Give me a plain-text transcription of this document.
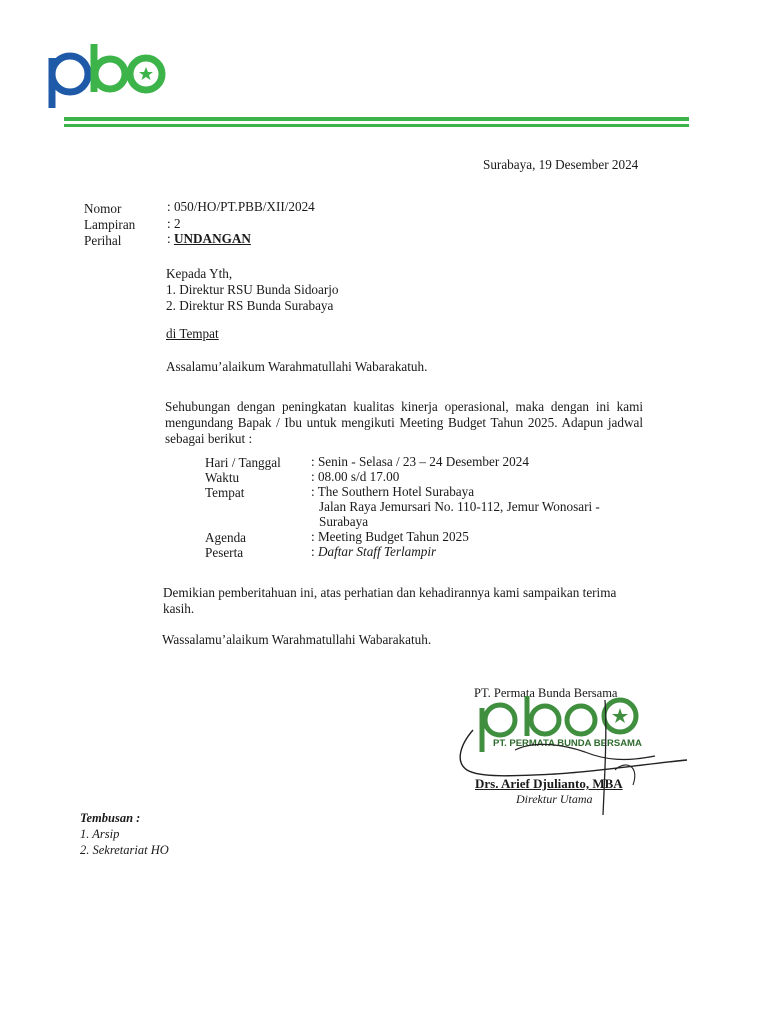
Surabaya, 19 Desember 2024
Nomor	: 050/HO/PT.PBB/XII/2024
Lampiran : 2
Perihal	: UNDANGAN
Kepada Yth,
1. Direktur RSU Bunda Sidoarjo
2. Direktur RS Bunda Surabaya
di Tempat
Assalamu’alaikum Warahmatullahi Wabarakatuh.
Sehubungan dengan peningkatan kualitas kinerja operasional, maka dengan ini kami mengundang Bapak / Ibu untuk mengikuti Meeting Budget Tahun 2025. Adapun jadwal sebagai berikut :
Hari / Tanggal : Senin - Selasa / 23 – 24 Desember 2024
Waktu	: 08.00 s/d 17.00
Tempat	: The Southern Hotel Surabaya
Jalan Raya Jemursari No. 110-112, Jemur Wonosari -
Surabaya
Agenda	: Meeting Budget Tahun 2025
Peserta	: Daftar Staff Terlampir
Demikian pemberitahuan ini, atas perhatian dan kehadirannya kami sampaikan terima kasih.
Wassalamu’alaikum Warahmatullahi Wabarakatuh.
PT. Permata Bunda Bersama
PT. PERMATA BUNDA BERSAMA
Drs. Arief Djulianto, MBA
Direktur Utama
Tembusan :
1. Arsip
2. Sekretariat HO
